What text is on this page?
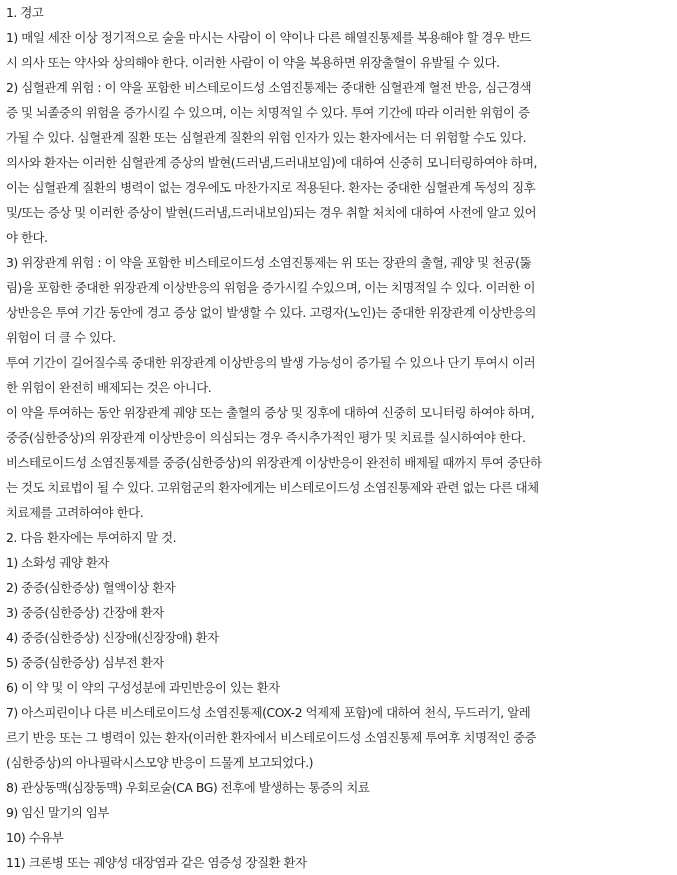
1. 경고
1) 매일 세잔 이상 정기적으로 술을 마시는 사람이 이 약이나 다른 해열진통제를 복용해야 할 경우 반드
시 의사 또는 약사와 상의해야 한다. 이러한 사람이 이 약을 복용하면 위장출혈이 유발될 수 있다.
2) 심혈관계 위험 : 이 약을 포함한 비스테로이드성 소염진통제는 중대한 심혈관계 혈전 반응, 심근경색
증 및 뇌졸중의 위험을 증가시킬 수 있으며, 이는 치명적일 수 있다. 투여 기간에 따라 이러한 위험이 증
가될 수 있다. 심혈관계 질환 또는 심혈관계 질환의 위험 인자가 있는 환자에서는 더 위험할 수도 있다.
의사와 환자는 이러한 심혈관계 증상의 발현(드러냄,드러내보임)에 대하여 신중히 모니터링하여야 하며,
이는 심혈관계 질환의 병력이 없는 경우에도 마찬가지로 적용된다. 환자는 중대한 심혈관계 독성의 징후
및/또는 증상 및 이러한 증상이 발현(드러냄,드러내보임)되는 경우 취할 처치에 대하여 사전에 알고 있어
야 한다.
3) 위장관계 위험 : 이 약을 포함한 비스테로이드성 소염진통제는 위 또는 장관의 출혈, 궤양 및 천공(뚫
림)을 포함한 중대한 위장관계 이상반응의 위험을 증가시킬 수있으며, 이는 치명적일 수 있다. 이러한 이
상반응은 투여 기간 동안에 경고 증상 없이 발생할 수 있다. 고령자(노인)는 중대한 위장관계 이상반응의
위험이 더 클 수 있다.
투여 기간이 길어질수록 중대한 위장관계 이상반응의 발생 가능성이 증가될 수 있으나 단기 투여시 이러
한 위험이 완전히 배제되는 것은 아니다.
이 약을 투여하는 동안 위장관계 궤양 또는 출혈의 증상 및 징후에 대하여 신중히 모니터링 하여야 하며,
중증(심한증상)의 위장관계 이상반응이 의심되는 경우 즉시추가적인 평가 및 치료를 실시하여야 한다.
비스테로이드성 소염진통제를 중증(심한증상)의 위장관계 이상반응이 완전히 배제될 때까지 투여 중단하
는 것도 치료법이 될 수 있다. 고위험군의 환자에게는 비스테로이드성 소염진통제와 관련 없는 다른 대체
치료제를 고려하여야 한다.
2. 다음 환자에는 투여하지 말 것.
1) 소화성 궤양 환자
2) 중증(심한증상) 혈액이상 환자
3) 중증(심한증상) 간장애 환자
4) 중증(심한증상) 신장애(신장장애) 환자
5) 중증(심한증상) 심부전 환자
6) 이 약 및 이 약의 구성성분에 과민반응이 있는 환자
7) 아스피린이나 다른 비스테로이드성 소염진통제(COX-2 억제제 포함)에 대하여 천식, 두드러기, 알레
르기 반응 또는 그 병력이 있는 환자(이러한 환자에서 비스테로이드성 소염진통제 투여후 치명적인 중증
(심한증상)의 아나필락시스모양 반응이 드물게 보고되었다.)
8) 관상동맥(심장동맥) 우회로술(CA BG) 전후에 발생하는 통증의 치료
9) 임신 말기의 임부
10) 수유부
11) 크론병 또는 궤양성 대장염과 같은 염증성 장질환 환자
